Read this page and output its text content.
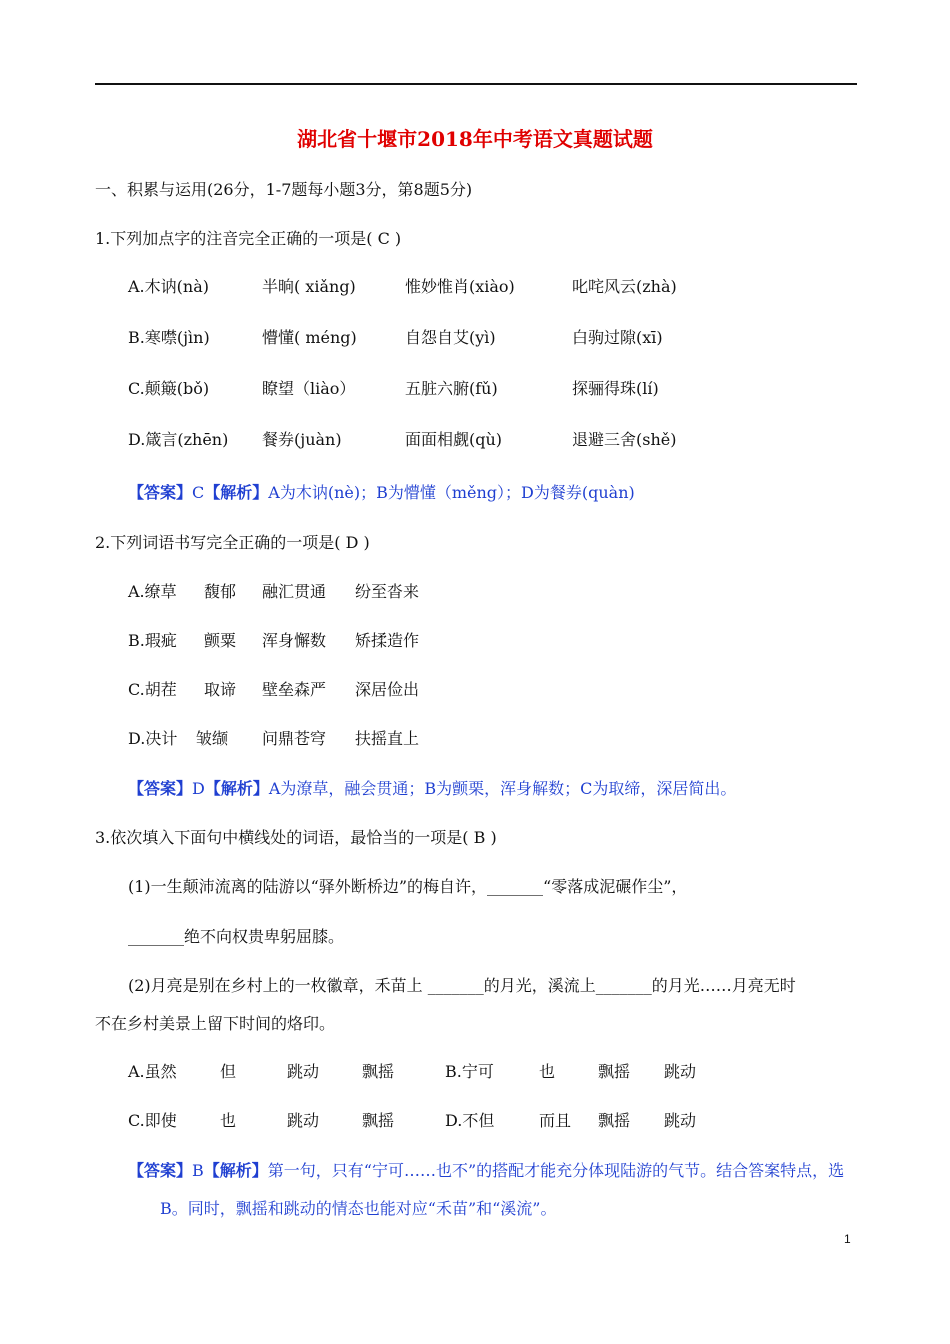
湖北省十堰市2018年中考语文真题试题
一、积累与运用(26分，1-7题每小题3分，第8题5分)
1.下列加点字的注音完全正确的一项是( C )
A.木讷(nà)	半晌( xiǎng)	惟妙惟肖(xiào)	叱咤风云(zhà)
B.寒噤(jìn)	懵懂( méng)	自怨自艾(yì)	白驹过隙(xī)
C.颠簸(bǒ)	瞭望（liào）	五脏六腑(fǔ)	探骊得珠(lí)
D.箴言(zhēn) 餐券(juàn)	面面相觑(qù)	退避三舍(shě)
【答案】C【解析】A为木讷(nè)；B为懵懂（měng）；D为餐券(quàn)
2.下列词语书写完全正确的一项是( D )
A.缭草 馥郁 融汇贯通 纷至沓来
B.瑕疵 颤粟 浑身懈数 矫揉造作
C.胡茬 取谛 壁垒森严 深居俭出
D.决计 皱缬 问鼎苍穹 扶摇直上
【答案】D【解析】A为潦草，融会贯通；B为颤栗，浑身解数；C为取缔，深居简出。
3.依次填入下面句中横线处的词语，最恰当的一项是( B )
(1)一生颠沛流离的陆游以“驿外断桥边”的梅自许，_______“零落成泥碾作尘”，
_______绝不向权贵卑躬屈膝。
(2)月亮是别在乡村上的一枚徽章，禾苗上 _______的月光，溪流上_______的月光……月亮无时
不在乡村美景上留下时间的烙印。
A.虽然	但	跳动	飘摇	B.宁可	也	飘摇 跳动
C.即使	也	跳动	飘摇	D.不但	而且 飘摇 跳动
【答案】B【解析】第一句，只有“宁可……也不”的搭配才能充分体现陆游的气节。结合答案特点，选
B。同时，飘摇和跳动的情态也能对应“禾苗”和“溪流”。
1
